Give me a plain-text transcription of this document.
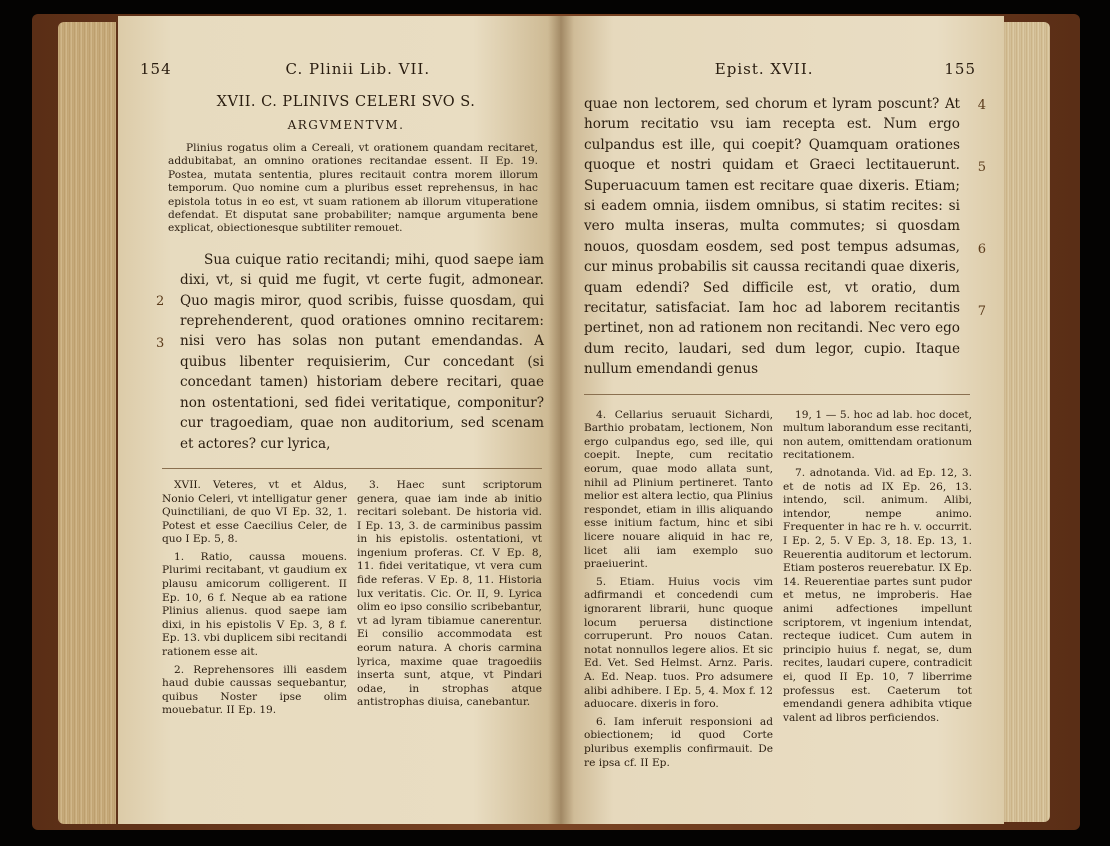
154	C. Plinii Lib. VII.
XVII. C. PLINIVS CELERI SVO S.
ARGVMENTVM.

Plinius rogatus olim a Cereali, vt orationem quandam recitaret, addubitabat, an omnino orationes recitandae essent. II Ep. 19. Postea, mutata sententia, plures recitauit contra morem illorum temporum. Quo nomine cum a pluribus esset reprehensus, in hac epistola totus in eo est, vt suam rationem ab illorum vituperatione defendat. Et disputat sane probabiliter; namque argumenta bene explicat, obiectionesque subtiliter remouet.

2
3

Sua cuique ratio recitandi; mihi, quod saepe iam dixi, vt, si quid me fugit, vt certe fugit, admonear. Quo magis miror, quod scribis, fuisse quosdam, qui reprehenderent, quod orationes omnino recitarem: nisi vero has solas non putant emendandas. A quibus libenter requisierim, Cur concedant (si concedant tamen) historiam debere recitari, quae non ostentationi, sed fidei veritatique, componitur? cur tragoediam, quae non auditorium, sed scenam et actores? cur lyrica,

XVII. Veteres, vt et Aldus, Nonio Celeri, vt intelligatur gener Quinctiliani, de quo VI Ep. 32, 1. Potest et esse Caecilius Celer, de quo I Ep. 5, 8.

1. Ratio, caussa mouens. Plurimi recitabant, vt gaudium ex plausu amicorum colligerent. II Ep. 10, 6 f. Neque ab ea ratione Plinius alienus. quod saepe iam dixi, in his epistolis V Ep. 3, 8 f. Ep. 13. vbi duplicem sibi recitandi rationem esse ait.

2. Reprehensores illi easdem haud dubie caussas sequebantur, quibus Noster ipse olim mouebatur. II Ep. 19.

3. Haec sunt scriptorum genera, quae iam inde ab initio recitari solebant. De historia vid. I Ep. 13, 3. de carminibus passim in his epistolis. ostentationi, vt ingenium proferas. Cf. V Ep. 8, 11. fidei veritatique, vt vera cum fide referas. V Ep. 8, 11. Historia lux veritatis. Cic. Or. II, 9. Lyrica olim eo ipso consilio scribebantur, vt ad lyram tibiamue canerentur. Ei consilio accommodata est eorum natura. A choris carmina lyrica, maxime quae tragoediis inserta sunt, atque, vt Pindari odae, in strophas atque antistrophas diuisa, canebantur.

Epist. XVII.	155
4
5
6
7

quae non lectorem, sed chorum et lyram poscunt? At horum recitatio vsu iam recepta est. Num ergo culpandus est ille, qui coepit? Quamquam orationes quoque et nostri quidam et Graeci lectitauerunt. Superuacuum tamen est recitare quae dixeris. Etiam; si eadem omnia, iisdem omnibus, si statim recites: si vero multa inseras, multa commutes; si quosdam nouos, quosdam eosdem, sed post tempus adsumas, cur minus probabilis sit caussa recitandi quae dixeris, quam edendi? Sed difficile est, vt oratio, dum recitatur, satisfaciat. Iam hoc ad laborem recitantis pertinet, non ad rationem non recitandi. Nec vero ego dum recito, laudari, sed dum legor, cupio. Itaque nullum emendandi genus

4. Cellarius seruauit Sichardi, Barthio probatam, lectionem, Non ergo culpandus ego, sed ille, qui coepit. Inepte, cum recitatio eorum, quae modo allata sunt, nihil ad Plinium pertineret. Tanto melior est altera lectio, qua Plinius respondet, etiam in illis aliquando esse initium factum, hinc et sibi licere nouare aliquid in hac re, licet alii iam exemplo suo praeiuerint.

5. Etiam. Huius vocis vim adfirmandi et concedendi cum ignorarent librarii, hunc quoque locum peruersa distinctione corruperunt. Pro nouos Catan. notat nonnullos legere alios. Et sic Ed. Vet. Sed Helmst. Arnz. Paris. A. Ed. Neap. tuos. Pro adsumere alibi adhibere. I Ep. 5, 4. Mox f. 12 aduocare. dixeris in foro.

6. Iam inferuit responsioni ad obiectionem; id quod Corte pluribus exemplis confirmauit. De re ipsa cf. II Ep.

19, 1 — 5. hoc ad lab. hoc docet, multum laborandum esse recitanti, non autem, omittendam orationum recitationem.

7. adnotanda. Vid. ad Ep. 12, 3. et de notis ad IX Ep. 26, 13. intendo, scil. animum. Alibi, intendor, nempe animo. Frequenter in hac re h. v. occurrit. I Ep. 2, 5. V Ep. 3, 18. Ep. 13, 1. Reuerentia auditorum et lectorum. Etiam posteros reuerebatur. IX Ep. 14. Reuerentiae partes sunt pudor et metus, ne improberis. Hae animi adfectiones impellunt scriptorem, vt ingenium intendat, recteque iudicet. Cum autem in principio huius f. negat, se, dum recites, laudari cupere, contradicit ei, quod II Ep. 10, 7 liberrime professus est. Caeterum tot emendandi genera adhibita vtique valent ad libros perficiendos.
